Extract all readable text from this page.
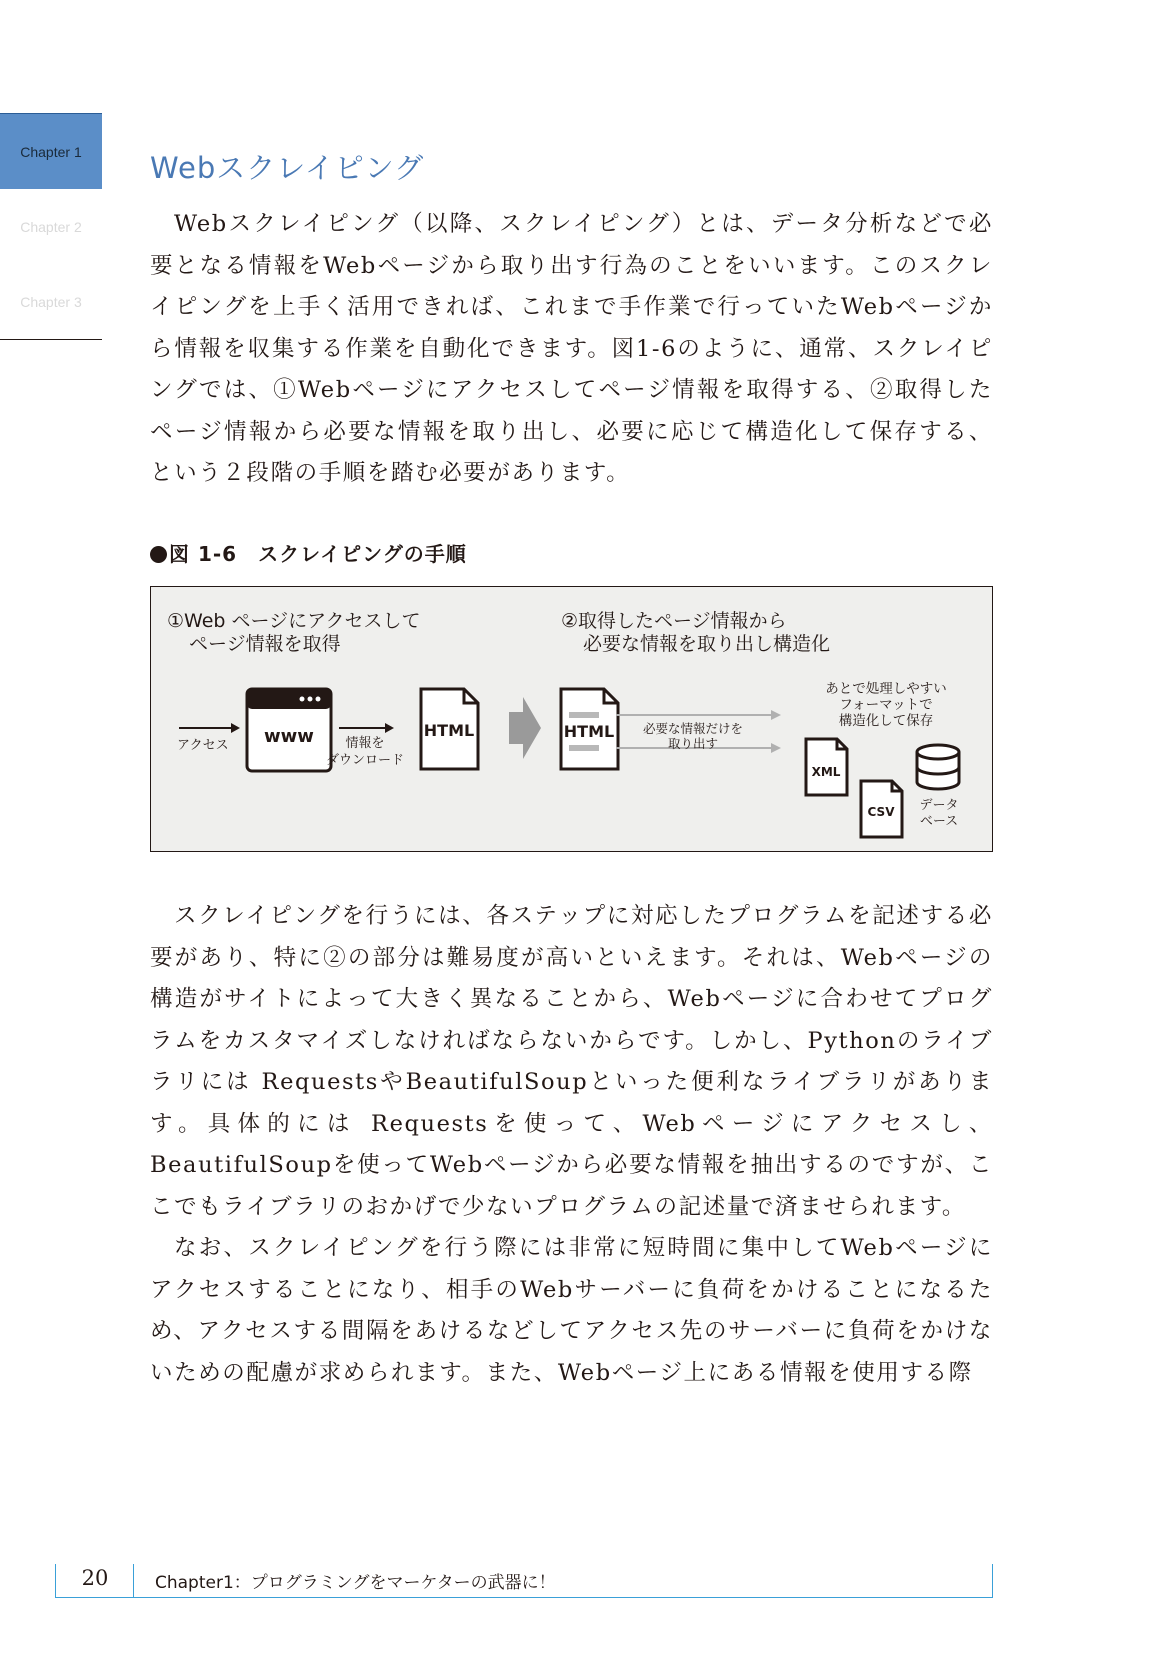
Chapter 1
Chapter 2
Chapter 3
Webスクレイピング

Webスクレイピング（以降、スクレイピング）とは、データ分析などで必要となる情報をWebページから取り出す行為のことをいいます。このスクレイピングを上手く活用できれば、これまで手作業で行っていたWebページから情報を収集する作業を自動化できます。図1-6のように、通常、スクレイピングでは、①Webページにアクセスしてページ情報を取得する、②取得したページ情報から必要な情報を取り出し、必要に応じて構造化して保存する、という２段階の手順を踏む必要があります。

図 1-6　スクレイピングの手順
①Web ページにアクセスして
ページ情報を取得
②取得したページ情報から
必要な情報を取り出し構造化
アクセス www 情報を
ダウンロード
HTML	HTML 必要な情報だけを
取り出す
あとで処理しやすい
フォーマットで
構造化して保存
XML
CSV データ
ベース

スクレイピングを行うには、各ステップに対応したプログラムを記述する必要があり、特に②の部分は難易度が高いといえます。それは、Webページの構造がサイトによって大きく異なることから、Webページに合わせてプログラムをカスタマイズしなければならないからです。しかし、Pythonのライブラリには RequestsやBeautifulSoupといった便利なライブラリがあります。具体的には Requestsを使って、Webページにアクセスし、BeautifulSoupを使ってWebページから必要な情報を抽出するのですが、ここでもライブラリのおかげで少ないプログラムの記述量で済ませられます。

なお、スクレイピングを行う際には非常に短時間に集中してWebページにアクセスすることになり、相手のWebサーバーに負荷をかけることになるため、アクセスする間隔をあけるなどしてアクセス先のサーバーに負荷をかけないための配慮が求められます。また、Webページ上にある情報を使用する際

20	Chapter1：プログラミングをマーケターの武器に！
